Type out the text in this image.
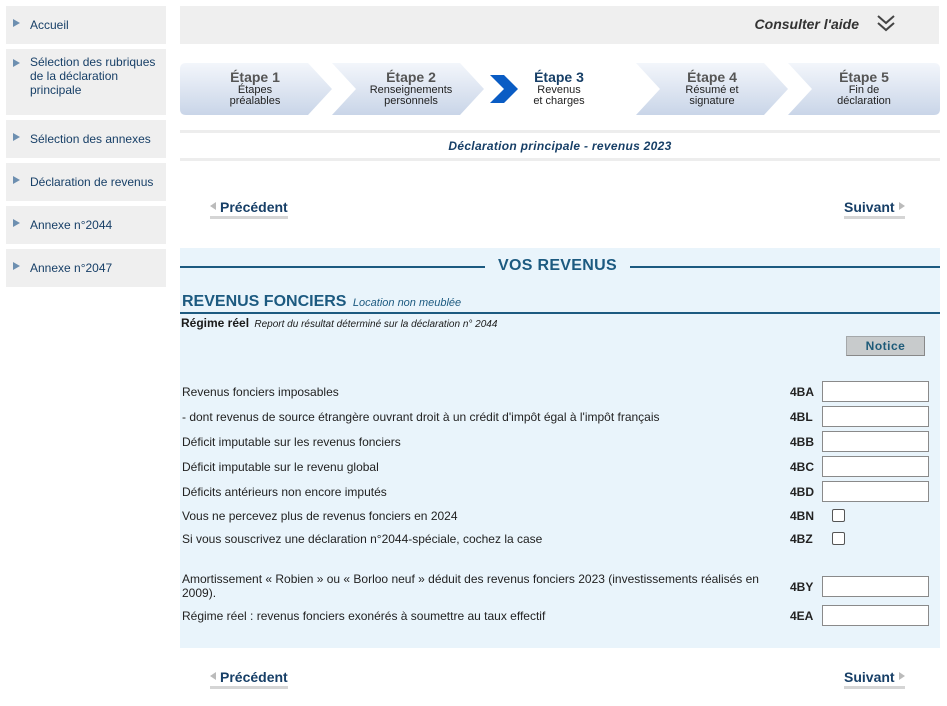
Accueil
Sélection des rubriques de la déclaration principale
Sélection des annexes
Déclaration de revenus
Annexe n°2044
Annexe n°2047
Consulter l'aide
Étape 1
Étapes
préalables
Étape 2
Renseignements
personnels
Étape 3
Revenus
et charges
Étape 4
Résumé et
signature
Étape 5
Fin de
déclaration
Déclaration principale - revenus 2023
Précédent	Suivant
VOS REVENUS
REVENUS FONCIERS Location non meublée
Régime réel Report du résultat déterminé sur la déclaration n° 2044
Notice
Revenus fonciers imposables	4BA
- dont revenus de source étrangère ouvrant droit à un crédit d'impôt égal à l'impôt français	4BL
Déficit imputable sur les revenus fonciers	4BB
Déficit imputable sur le revenu global	4BC
Déficits antérieurs non encore imputés	4BD
Vous ne percevez plus de revenus fonciers en 2024	4BN
Si vous souscrivez une déclaration n°2044-spéciale, cochez la case	4BZ
Amortissement « Robien » ou « Borloo neuf » déduit des revenus fonciers 2023 (investissements réalisés en 2009).	4BY
Régime réel : revenus fonciers exonérés à soumettre au taux effectif	4EA
Précédent	Suivant
